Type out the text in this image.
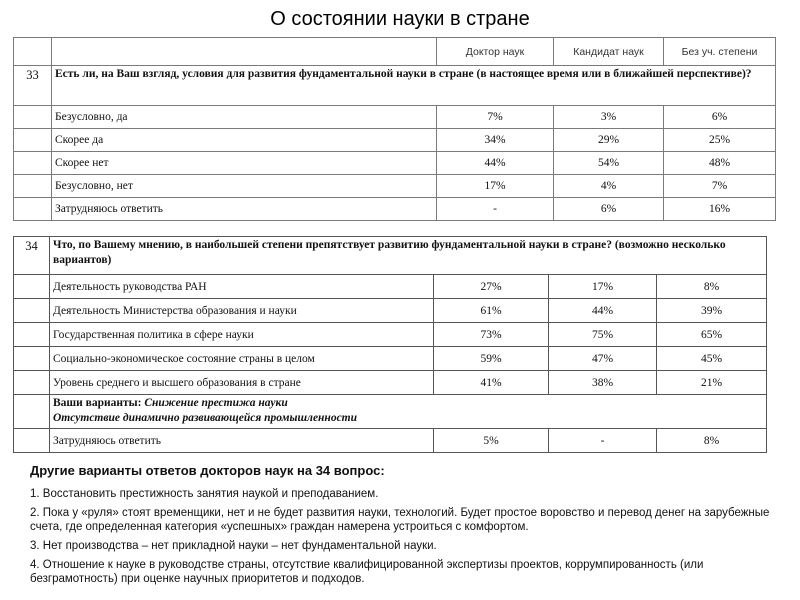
О состоянии науки в стране
		Доктор наук	Кандидат наук	Без уч. степени
33	Есть ли, на Ваш взгляд, условия для развития фундаментальной науки в стране (в настоящее время или в ближайшей перспективе)?			
	Безусловно, да	7%	3%	6%
	Скорее да	34%	29%	25%
	Скорее нет	44%	54%	48%
	Безусловно, нет	17%	4%	7%
	Затрудняюсь ответить	-	6%	16%
34	Что, по Вашему мнению, в наибольшей степени препятствует развитию фундаментальной науки в стране? (возможно несколько вариантов)			
	Деятельность руководства РАН	27%	17%	8%
	Деятельность Министерства образования и науки	61%	44%	39%
	Государственная политика в сфере науки	73%	75%	65%
	Социально-экономическое состояние страны в целом	59%	47%	45%
	Уровень среднего и высшего образования в стране	41%	38%	21%
	Ваши варианты: Снижение престижа науки
Отсутствие динамично развивающейся промышленности			
	Затрудняюсь ответить	5%	-	8%
Другие варианты ответов докторов наук на 34 вопрос:

1. Восстановить престижность занятия наукой и преподаванием.

2. Пока у «руля» стоят временщики, нет и не будет развития науки, технологий. Будет простое воровство и перевод денег на зарубежные счета, где определенная категория «успешных» граждан намерена устроиться с комфортом.

3. Нет производства – нет прикладной науки – нет фундаментальной науки.

4. Отношение к науке в руководстве страны, отсутствие квалифицированной экспертизы проектов, коррумпированность (или безграмотность) при оценке научных приоритетов и подходов.
